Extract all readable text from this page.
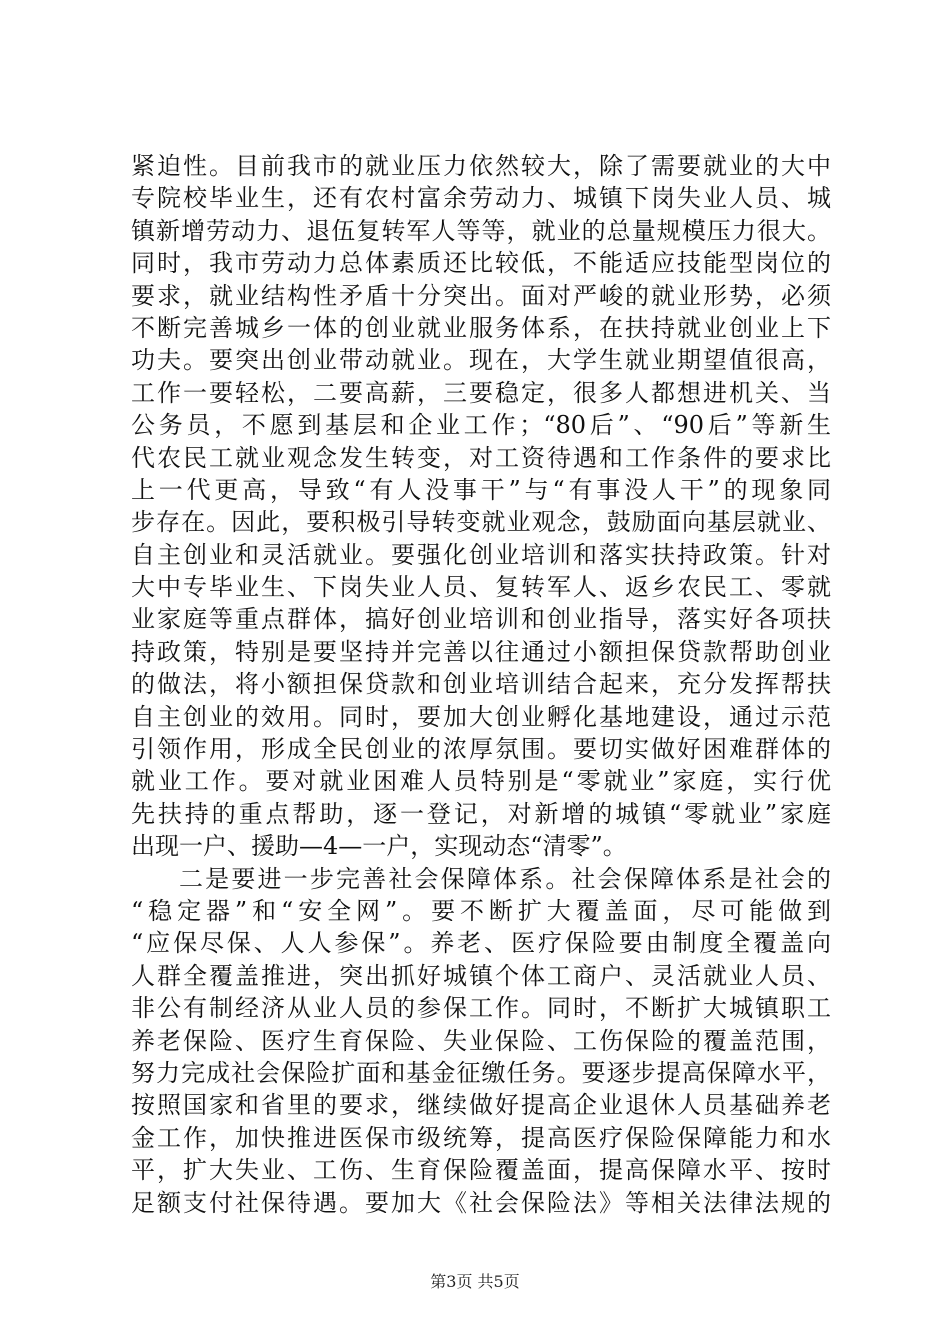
紧迫性。目前我市的就业压力依然较大，除了需要就业的大中
专院校毕业生，还有农村富余劳动力、城镇下岗失业人员、城
镇新增劳动力、退伍复转军人等等，就业的总量规模压力很大。
同时，我市劳动力总体素质还比较低，不能适应技能型岗位的
要求，就业结构性矛盾十分突出。面对严峻的就业形势，必须
不断完善城乡一体的创业就业服务体系，在扶持就业创业上下
功夫。要突出创业带动就业。现在，大学生就业期望值很高，
工作一要轻松，二要高薪，三要稳定，很多人都想进机关、当
公务员，不愿到基层和企业工作；“80后”、“90后”等新生
代农民工就业观念发生转变，对工资待遇和工作条件的要求比
上一代更高，导致“有人没事干”与“有事没人干”的现象同
步存在。因此，要积极引导转变就业观念，鼓励面向基层就业、
自主创业和灵活就业。要强化创业培训和落实扶持政策。针对
大中专毕业生、下岗失业人员、复转军人、返乡农民工、零就
业家庭等重点群体，搞好创业培训和创业指导，落实好各项扶
持政策，特别是要坚持并完善以往通过小额担保贷款帮助创业
的做法，将小额担保贷款和创业培训结合起来，充分发挥帮扶
自主创业的效用。同时，要加大创业孵化基地建设，通过示范
引领作用，形成全民创业的浓厚氛围。要切实做好困难群体的
就业工作。要对就业困难人员特别是“零就业”家庭，实行优
先扶持的重点帮助，逐一登记，对新增的城镇“零就业”家庭
出现一户、援助—4—一户，实现动态“清零”。
二是要进一步完善社会保障体系。社会保障体系是社会的
“稳定器”和“安全网”。要不断扩大覆盖面，尽可能做到
“应保尽保、人人参保”。养老、医疗保险要由制度全覆盖向
人群全覆盖推进，突出抓好城镇个体工商户、灵活就业人员、
非公有制经济从业人员的参保工作。同时，不断扩大城镇职工
养老保险、医疗生育保险、失业保险、工伤保险的覆盖范围，
努力完成社会保险扩面和基金征缴任务。要逐步提高保障水平，
按照国家和省里的要求，继续做好提高企业退休人员基础养老
金工作，加快推进医保市级统筹，提高医疗保险保障能力和水
平，扩大失业、工伤、生育保险覆盖面，提高保障水平、按时
足额支付社保待遇。要加大《社会保险法》等相关法律法规的
第3页 共5页
